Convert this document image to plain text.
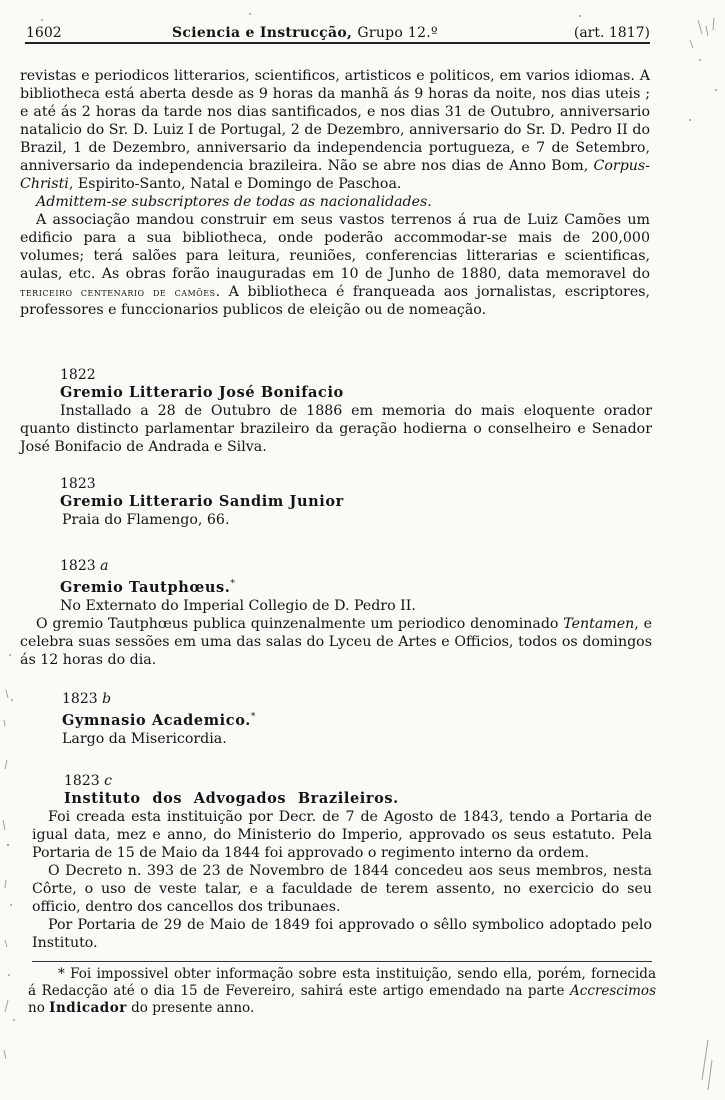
1602	Sciencia e Instrucção, Grupo 12.º	(art. 1817)

revistas e periodicos litterarios, scientificos, artisticos e politicos, em varios idiomas. A bibliotheca está aberta desde as 9 horas da manhã ás 9 horas da noite, nos dias uteis ; e até ás 2 horas da tarde nos dias santificados, e nos dias 31 de Outubro, anniversario natalicio do Sr. D. Luiz I de Portugal, 2 de Dezembro, anniversario do Sr. D. Pedro II do Brazil, 1 de Dezembro, anniversario da independencia portugueza, e 7 de Setembro, anniversario da independencia brazileira. Não se abre nos dias de Anno Bom, Corpus-Christi, Espirito-Santo, Natal e Domingo de Paschoa.

Admittem-se subscriptores de todas as nacionalidades.

A associação mandou construir em seus vastos terrenos á rua de Luiz Camões um edificio para a sua bibliotheca, onde poderão accommodar-se mais de 200,000 volumes; terá salões para leitura, reuniões, conferencias litterarias e scientificas, aulas, etc. As obras forão inauguradas em 10 de Junho de 1880, data memoravel do tericeiro centenario de camões. A bibliotheca é franqueada aos jornalistas, escriptores, professores e funccionarios publicos de eleição ou de nomeação.

1822
Gremio Litterario José Bonifacio

Installado a 28 de Outubro de 1886 em memoria do mais eloquente orador quanto distincto parlamentar brazileiro da geração hodierna o conselheiro e Senador José Bonifacio de Andrada e Silva.

1823
Gremio Litterario Sandim Junior
Praia do Flamengo, 66.
1823 a
Gremio Tautphœus.*
No Externato do Imperial Collegio de D. Pedro II.

O gremio Tautphœus publica quinzenalmente um periodico denominado Tentamen, e celebra suas sessões em uma das salas do Lyceu de Artes e Officios, todos os domingos ás 12 horas do dia.

1823 b
Gymnasio Academico.*
Largo da Misericordia.
1823 c
Instituto dos Advogados Brazileiros.

Foi creada esta instituição por Decr. de 7 de Agosto de 1843, tendo a Portaria de igual data, mez e anno, do Ministerio do Imperio, approvado os seus estatuto. Pela Portaria de 15 de Maio da 1844 foi approvado o regimento interno da ordem.

O Decreto n. 393 de 23 de Novembro de 1844 concedeu aos seus membros, nesta Côrte, o uso de veste talar, e a faculdade de terem assento, no exercicio do seu officio, dentro dos cancellos dos tribunaes.

Por Portaria de 29 de Maio de 1849 foi approvado o sêllo symbolico adoptado pelo Instituto.

* Foi impossivel obter informação sobre esta instituição, sendo ella, porém, fornecida á Redacção até o dia 15 de Fevereiro, sahirá este artigo emendado na parte Accrescimos no Indicador do presente anno.
